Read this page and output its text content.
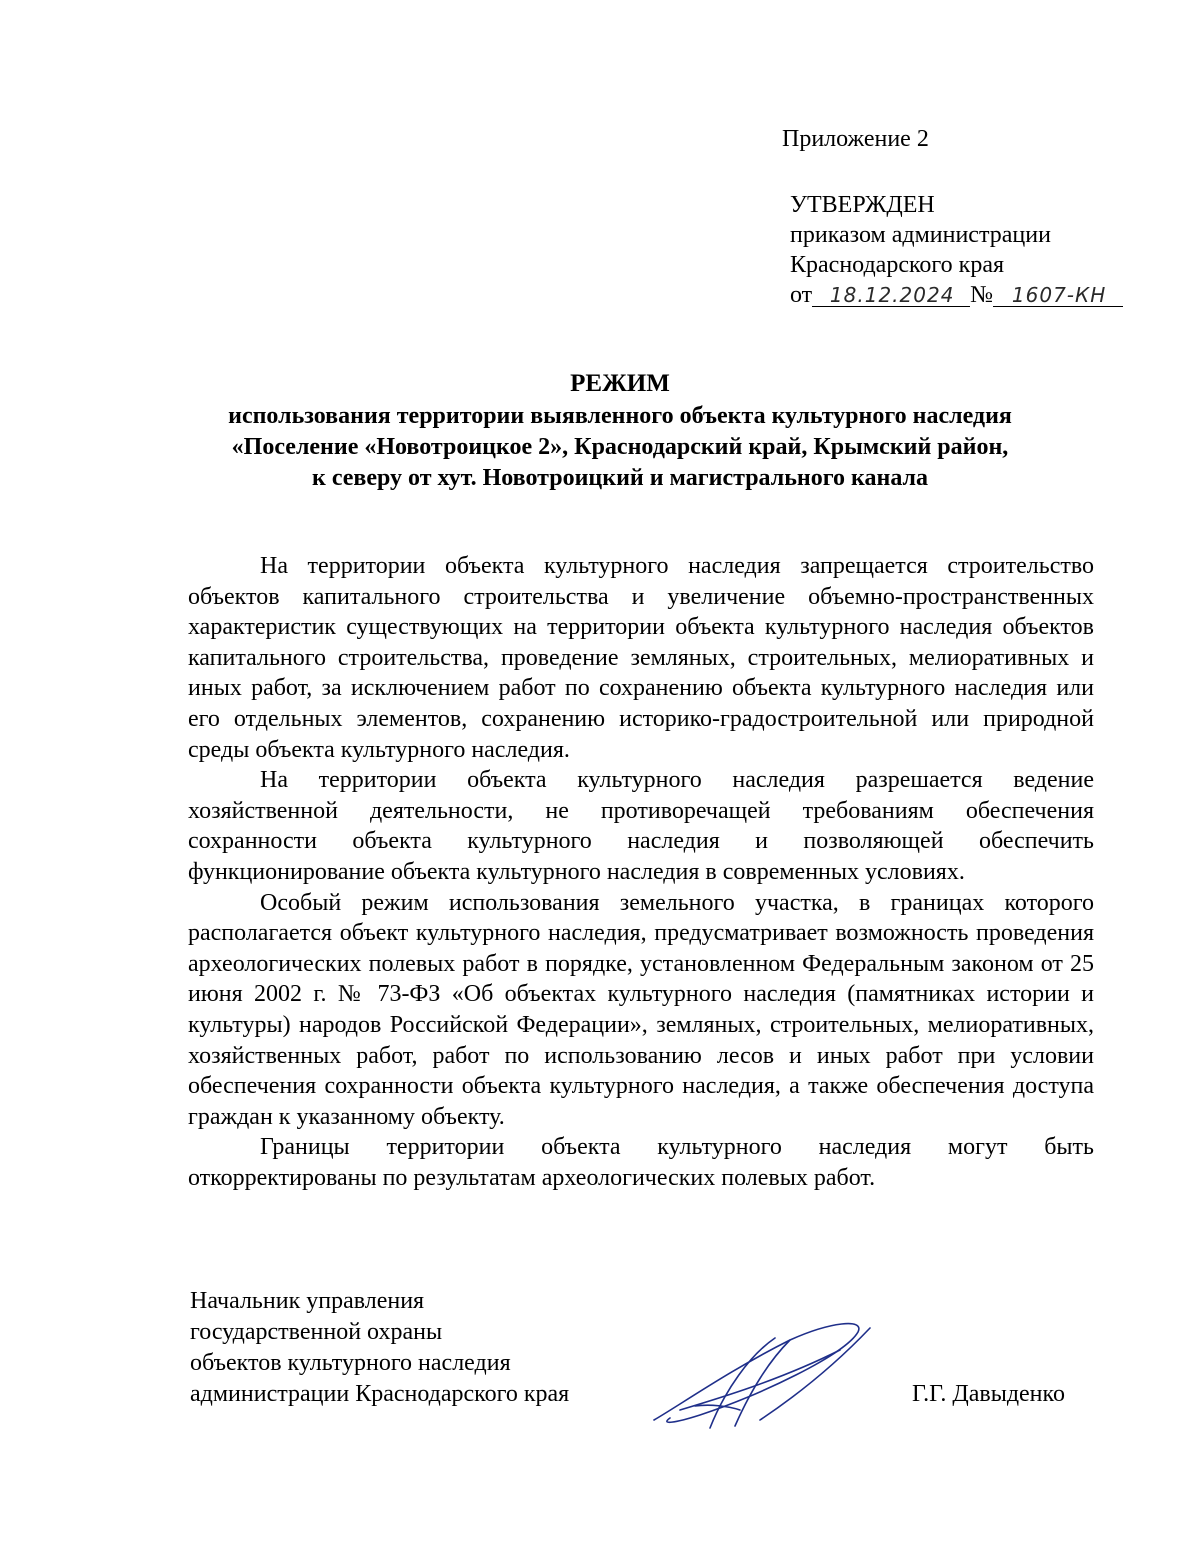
Приложение 2
УТВЕРЖДЕН
приказом администрации
Краснодарского края
от 18.12.2024 № 1607-КН
РЕЖИМ
использования территории выявленного объекта культурного наследия
«Поселение «Новотроицкое 2», Краснодарский край, Крымский район,
к северу от хут. Новотроицкий и магистрального канала

На территории объекта культурного наследия запрещается строительство объектов капитального строительства и увеличение объемно-пространственных характеристик существующих на территории объекта культурного наследия объектов капитального строительства, проведение земляных, строительных, мелиоративных и иных работ, за исключением работ по сохранению объекта культурного наследия или его отдельных элементов, сохранению историко-градостроительной или природной среды объекта культурного наследия.

На территории объекта культурного наследия разрешается ведение хозяйственной деятельности, не противоречащей требованиям обеспечения сохранности объекта культурного наследия и позволяющей обеспечить функционирование объекта культурного наследия в современных условиях.

Особый режим использования земельного участка, в границах которого располагается объект культурного наследия, предусматривает возможность проведения археологических полевых работ в порядке, установленном Федеральным законом от 25 июня 2002 г. № 73-ФЗ «Об объектах культурного наследия (памятниках истории и культуры) народов Российской Федерации», земляных, строительных, мелиоративных, хозяйственных работ, работ по использованию лесов и иных работ при условии обеспечения сохранности объекта культурного наследия, а также обеспечения доступа граждан к указанному объекту.

Границы территории объекта культурного наследия могут быть откорректированы по результатам археологических полевых работ.

Начальник управления
государственной охраны
объектов культурного наследия
администрации Краснодарского края	Г.Г. Давыденко
